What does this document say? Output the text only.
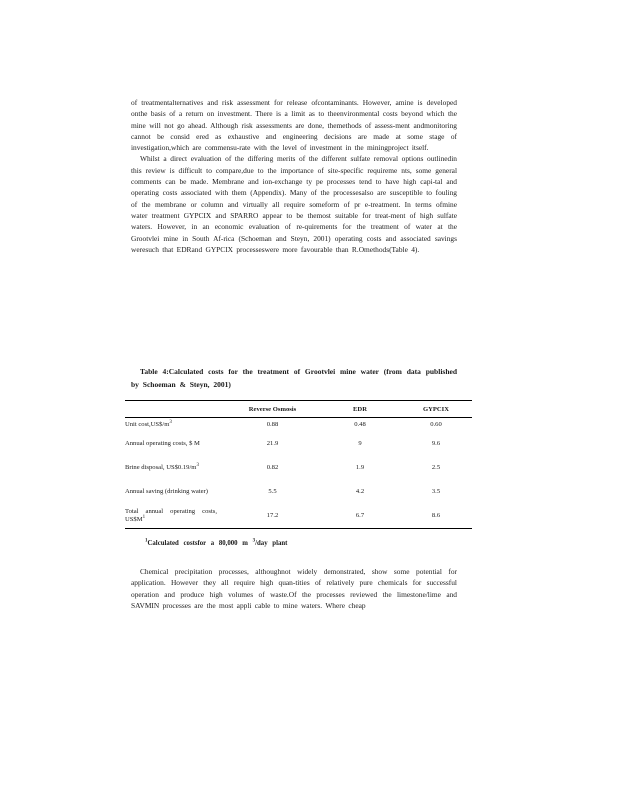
of treatmentalternatives and risk assessment for release ofcontaminants. However, amine is developed onthe basis of a return on investment. There is a limit as to theenvironmental costs beyond which the mine will not go ahead. Although risk assessments are done, themethods of assess-ment andmonitoring cannot be consid ered as exhaustive and engineering decisions are made at some stage of investigation,which are commensu-rate with the level of investment in the miningproject itself.

Whilst a direct evaluation of the differing merits of the different sulfate removal options outlinedin this review is difficult to compare,due to the importance of site-specific requireme nts, some general comments can be made. Membrane and ion-exchange ty pe processes tend to have high capi-tal and operating costs associated with them (Appendix). Many of the processesalso are susceptible to fouling of the membrane or column and virtually all require someform of pr e-treatment. In terms ofmine water treatment GYPCIX and SPARRO appear to be themost suitable for treat-ment of high sulfate waters. However, in an economic evaluation of re-quirements for the treatment of water at the Grootvlei mine in South Af-rica (Schoeman and Steyn, 2001) operating costs and associated savings weresuch that EDRand GYPCIX processeswere more favourable than R.Omethods(Table 4).

Table 4:Calculated costs for the treatment of Grootvlei mine water (from data published by Schoeman & Steyn, 2001)
	Reverse Osmosis	EDR	GYPCIX
Unit $\cos t,US\$/m^3$	0.88	0.48	0.60
Annual operating costs, $ M	21.9	9	9.6
Brine disposal, $US\$0.19/m^3$	0.82	1.9	2.5
Annual saving (drinking water)	5.5	4.2	3.5
Total annual operating costs, $US\$M^1$	17.2	6.7	8.6
$^1$Calculated costsfor a 80,000 m $^3$/day plant

Chemical precipitation processes, althoughnot widely demonstrated, show some potential for application. However they all require high quan-tities of relatively pure chemicals for successful operation and produce high volumes of waste.Of the processes reviewed the limestone/lime and SAVMIN processes are the most appli cable to mine waters. Where cheap
